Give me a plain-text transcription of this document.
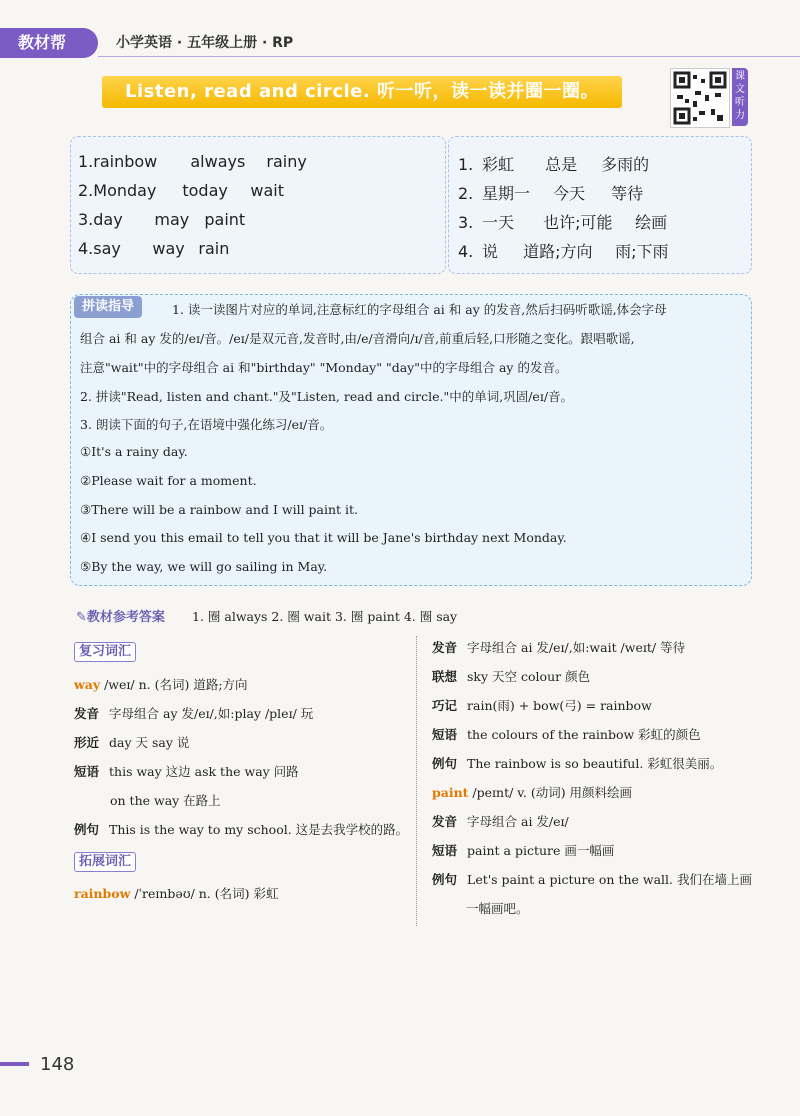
教材帮	小学英语 · 五年级上册 · RP
Listen, read and circle. 听一听，读一读并圈一圈。
课文听力
1.rainbow always rainy
2.Monday today wait
3.day may paint
4.say way rain
1. 彩虹 总是 多雨的
2. 星期一 今天 等待
3. 一天 也许;可能 绘画
4. 说 道路;方向 雨;下雨
拼读指导	1. 读一读图片对应的单词,注意标红的字母组合 ai 和 ay 的发音,然后扫码听歌谣,体会字母
组合 ai 和 ay 发的/eɪ/音。/eɪ/是双元音,发音时,由/e/音滑向/ɪ/音,前重后轻,口形随之变化。跟唱歌谣,
注意"wait"中的字母组合 ai 和"birthday" "Monday" "day"中的字母组合 ay 的发音。
2. 拼读"Read, listen and chant."及"Listen, read and circle."中的单词,巩固/eɪ/音。
3. 朗读下面的句子,在语境中强化练习/eɪ/音。
①It's a rainy day.
②Please wait for a moment.
③There will be a rainbow and I will paint it.
④I send you this email to tell you that it will be Jane's birthday next Monday.
⑤By the way, we will go sailing in May.
✎教材参考答案 1. 圈 always 2. 圈 wait 3. 圈 paint 4. 圈 say
复习词汇
way /weɪ/ n. (名词) 道路;方向
发音 字母组合 ay 发/eɪ/,如:play /pleɪ/ 玩
形近 day 天 say 说
短语 this way 这边 ask the way 问路
on the way 在路上
例句 This is the way to my school. 这是去我学校的路。
拓展词汇
rainbow /ˈreɪnbəʊ/ n. (名词) 彩虹
发音 字母组合 ai 发/eɪ/,如:wait /weɪt/ 等待
联想 sky 天空 colour 颜色
巧记 rain(雨) + bow(弓) = rainbow
短语 the colours of the rainbow 彩虹的颜色
例句 The rainbow is so beautiful. 彩虹很美丽。
paint /peɪnt/ v. (动词) 用颜料绘画
发音 字母组合 ai 发/eɪ/
短语 paint a picture 画一幅画
例句 Let's paint a picture on the wall. 我们在墙上画
一幅画吧。
148
